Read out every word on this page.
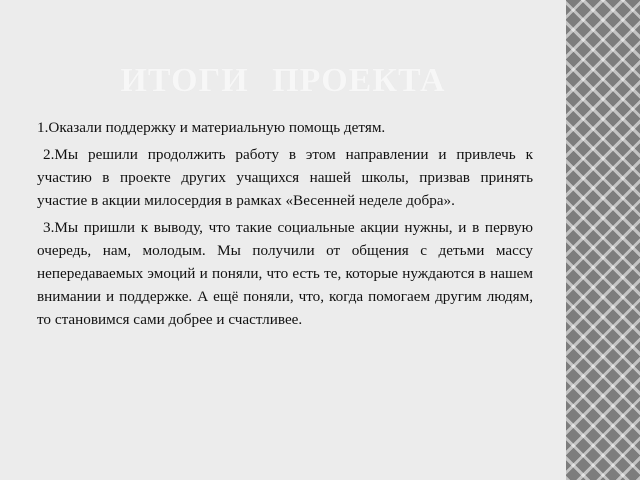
ИТОГИ ПРОЕКТА

1.Оказали поддержку и материальную помощь детям.

2.Мы решили продолжить работу в этом направлении и привлечь к участию в проекте других учащихся нашей школы, призвав принять участие в акции милосердия в рамках «Весенней неделе добра».

3.Мы пришли к выводу, что такие социальные акции нужны, и в первую очередь, нам, молодым. Мы получили от общения с детьми массу непередаваемых эмоций и поняли, что есть те, которые нуждаются в нашем внимании и поддержке. А ещё поняли, что, когда помогаем другим людям, то становимся сами добрее и счастливее.
